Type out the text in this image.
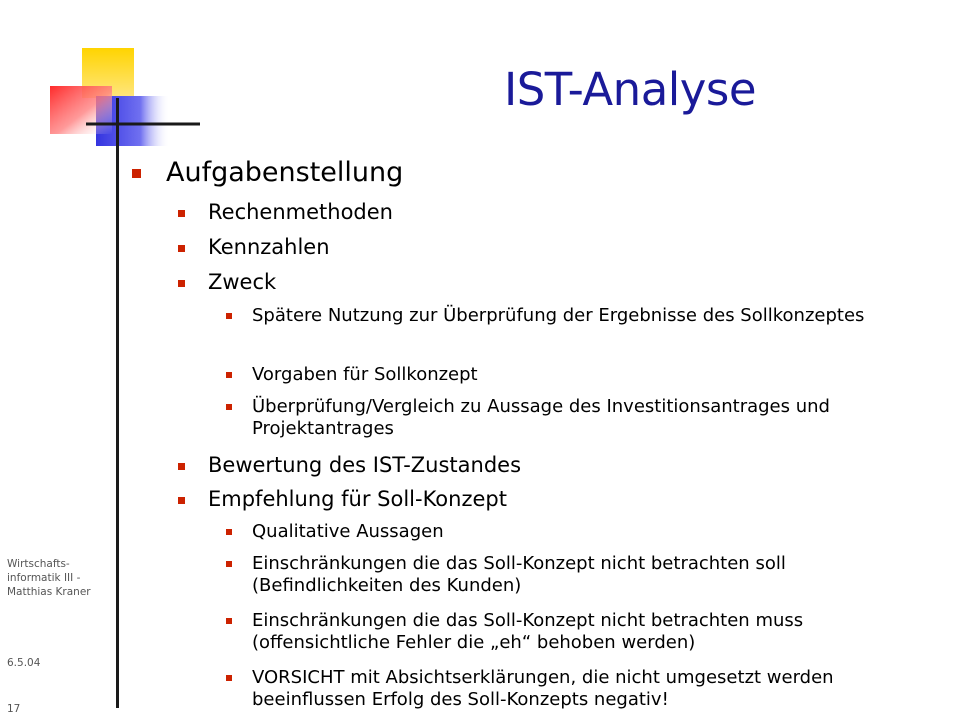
IST-Analyse
Aufgabenstellung
Rechenmethoden
Kennzahlen
Zweck
Spätere Nutzung zur Überprüfung der Ergebnisse des Sollkonzeptes
Vorgaben für Sollkonzept
Überprüfung/Vergleich zu Aussage des Investitionsantrages und Projektantrages
Bewertung des IST-Zustandes
Empfehlung für Soll-Konzept
Qualitative Aussagen
Einschränkungen die das Soll-Konzept nicht betrachten soll (Befindlichkeiten des Kunden)
Einschränkungen die das Soll-Konzept nicht betrachten muss (offensichtliche Fehler die „eh“ behoben werden)
VORSICHT mit Absichtserklärungen, die nicht umgesetzt werden beeinflussen Erfolg des Soll-Konzepts negativ!
Wirtschafts-informatik III - Matthias Kraner
6.5.04
17
